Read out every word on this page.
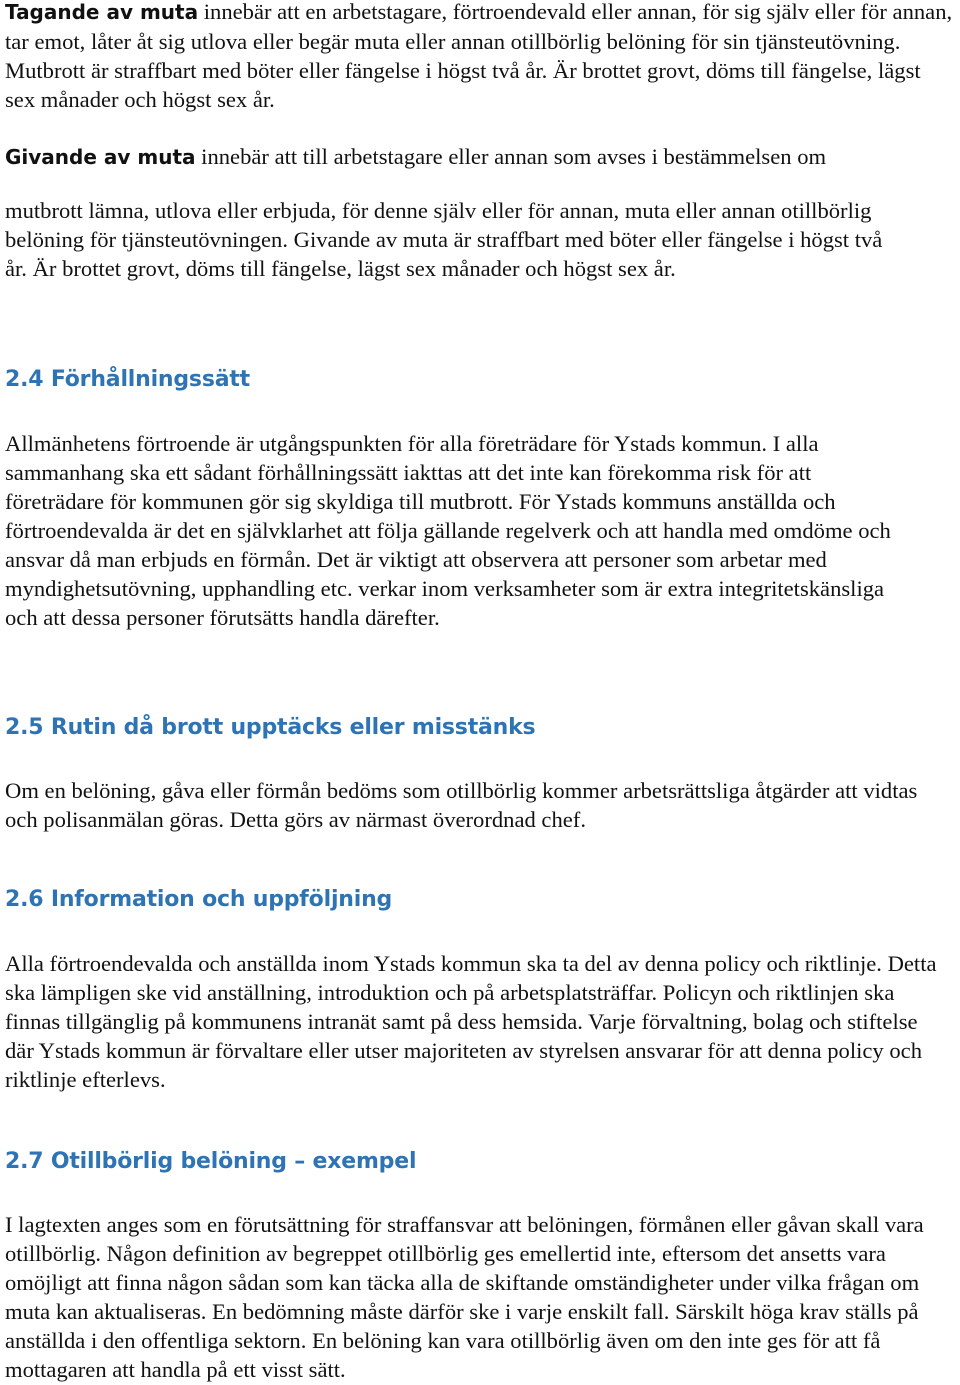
Tagande av muta innebär att en arbetstagare, förtroendevald eller annan, för sig själv eller för annan, tar emot, låter åt sig utlova eller begär muta eller annan otillbörlig belöning för sin tjänsteutövning. Mutbrott är straffbart med böter eller fängelse i högst två år. Är brottet grovt, döms till fängelse, lägst sex månader och högst sex år.

Givande av muta innebär att till arbetstagare eller annan som avses i bestämmelsen om

mutbrott lämna, utlova eller erbjuda, för denne själv eller för annan, muta eller annan otillbörlig belöning för tjänsteutövningen. Givande av muta är straffbart med böter eller fängelse i högst två år. Är brottet grovt, döms till fängelse, lägst sex månader och högst sex år.

2.4 Förhållningssätt

Allmänhetens förtroende är utgångspunkten för alla företrädare för Ystads kommun. I alla sammanhang ska ett sådant förhållningssätt iakttas att det inte kan förekomma risk för att företrädare för kommunen gör sig skyldiga till mutbrott. För Ystads kommuns anställda och förtroendevalda är det en självklarhet att följa gällande regelverk och att handla med omdöme och ansvar då man erbjuds en förmån. Det är viktigt att observera att personer som arbetar med myndighetsutövning, upphandling etc. verkar inom verksamheter som är extra integritetskänsliga och att dessa personer förutsätts handla därefter.

2.5 Rutin då brott upptäcks eller misstänks

Om en belöning, gåva eller förmån bedöms som otillbörlig kommer arbetsrättsliga åtgärder att vidtas och polisanmälan göras. Detta görs av närmast överordnad chef.

2.6 Information och uppföljning

Alla förtroendevalda och anställda inom Ystads kommun ska ta del av denna policy och riktlinje. Detta ska lämpligen ske vid anställning, introduktion och på arbetsplatsträffar. Policyn och riktlinjen ska finnas tillgänglig på kommunens intranät samt på dess hemsida. Varje förvaltning, bolag och stiftelse där Ystads kommun är förvaltare eller utser majoriteten av styrelsen ansvarar för att denna policy och riktlinje efterlevs.

2.7 Otillbörlig belöning – exempel

I lagtexten anges som en förutsättning för straffansvar att belöningen, förmånen eller gåvan skall vara otillbörlig. Någon definition av begreppet otillbörlig ges emellertid inte, eftersom det ansetts vara omöjligt att finna någon sådan som kan täcka alla de skiftande omständigheter under vilka frågan om muta kan aktualiseras. En bedömning måste därför ske i varje enskilt fall. Särskilt höga krav ställs på anställda i den offentliga sektorn. En belöning kan vara otillbörlig även om den inte ges för att få mottagaren att handla på ett visst sätt.
